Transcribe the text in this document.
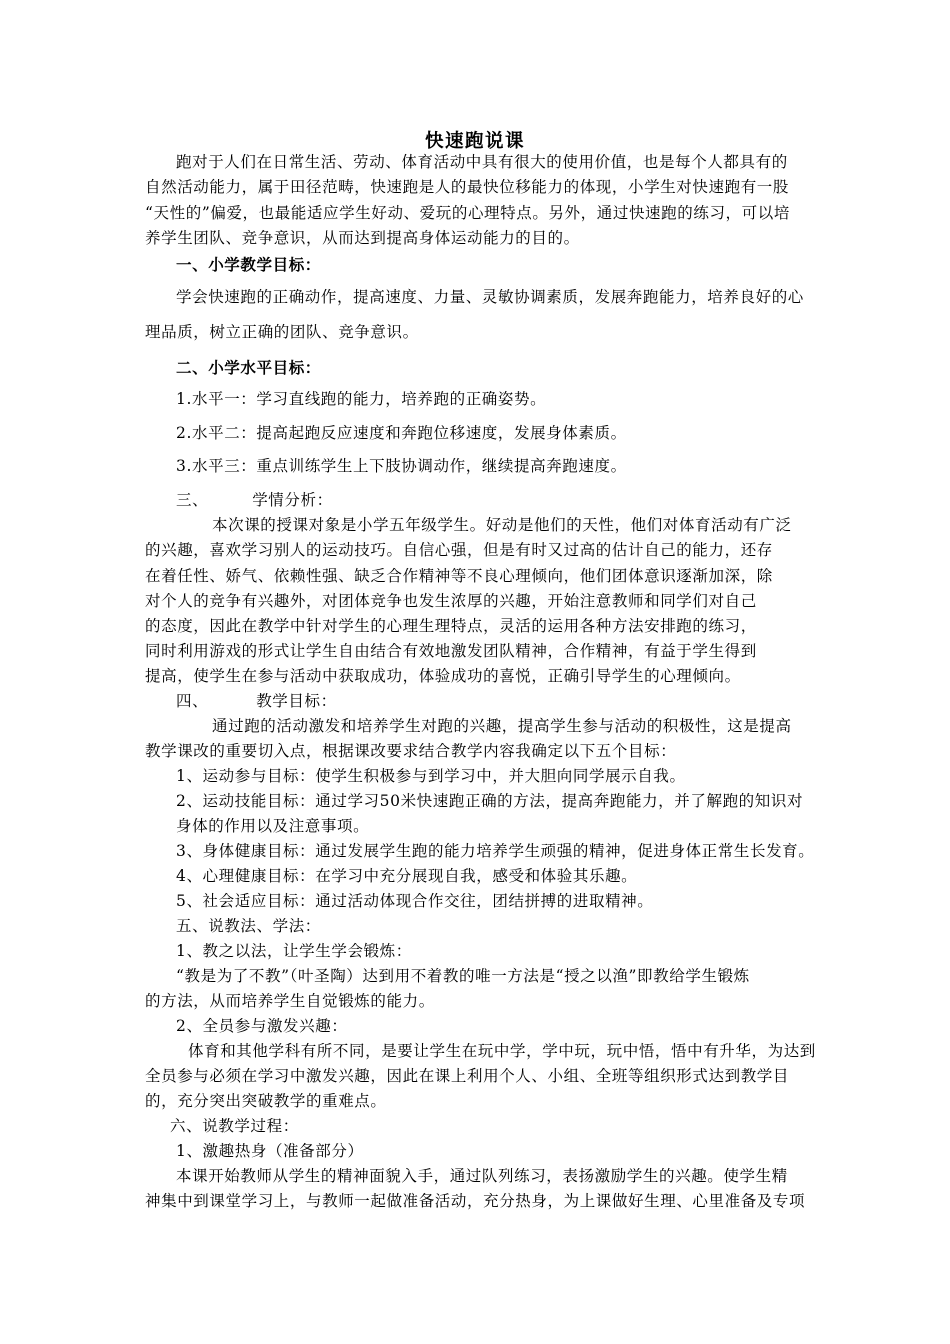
快速跑说课
跑对于人们在日常生活、劳动、体育活动中具有很大的使用价值，也是每个人都具有的
自然活动能力，属于田径范畴，快速跑是人的最快位移能力的体现，小学生对快速跑有一股
“天性的”偏爱，也最能适应学生好动、爱玩的心理特点。另外，通过快速跑的练习，可以培
养学生团队、竞争意识，从而达到提高身体运动能力的目的。
一、小学教学目标：
学会快速跑的正确动作，提高速度、力量、灵敏协调素质，发展奔跑能力，培养良好的心
理品质，树立正确的团队、竞争意识。
二、小学水平目标：
1.水平一：学习直线跑的能力，培养跑的正确姿势。
2.水平二：提高起跑反应速度和奔跑位移速度，发展身体素质。
3.水平三：重点训练学生上下肢协调动作，继续提高奔跑速度。
三、	学情分析：
本次课的授课对象是小学五年级学生。好动是他们的天性，他们对体育活动有广泛
的兴趣，喜欢学习别人的运动技巧。自信心强，但是有时又过高的估计自己的能力，还存
在着任性、娇气、依赖性强、缺乏合作精神等不良心理倾向，他们团体意识逐渐加深，除
对个人的竞争有兴趣外，对团体竞争也发生浓厚的兴趣，开始注意教师和同学们对自己
的态度，因此在教学中针对学生的心理生理特点，灵活的运用各种方法安排跑的练习，
同时利用游戏的形式让学生自由结合有效地激发团队精神，合作精神，有益于学生得到
提高，使学生在参与活动中获取成功，体验成功的喜悦，正确引导学生的心理倾向。
四、	教学目标：
通过跑的活动激发和培养学生对跑的兴趣，提高学生参与活动的积极性，这是提高
教学课改的重要切入点，根据课改要求结合教学内容我确定以下五个目标：
1、运动参与目标：使学生积极参与到学习中，并大胆向同学展示自我。
2、运动技能目标：通过学习50米快速跑正确的方法，提高奔跑能力，并了解跑的知识对
身体的作用以及注意事项。
3、身体健康目标：通过发展学生跑的能力培养学生顽强的精神，促进身体正常生长发育。
4、心理健康目标：在学习中充分展现自我，感受和体验其乐趣。
5、社会适应目标：通过活动体现合作交往，团结拼搏的进取精神。
五、说教法、学法：
1、教之以法，让学生学会锻炼：
“教是为了不教”（叶圣陶）达到用不着教的唯一方法是“授之以渔”即教给学生锻炼
的方法，从而培养学生自觉锻炼的能力。
2、全员参与激发兴趣：
体育和其他学科有所不同，是要让学生在玩中学，学中玩，玩中悟，悟中有升华，为达到
全员参与必须在学习中激发兴趣，因此在课上利用个人、小组、全班等组织形式达到教学目
的，充分突出突破教学的重难点。
六、说教学过程：
1、激趣热身（准备部分）
本课开始教师从学生的精神面貌入手，通过队列练习，表扬激励学生的兴趣。使学生精
神集中到课堂学习上，与教师一起做准备活动，充分热身，为上课做好生理、心里准备及专项
